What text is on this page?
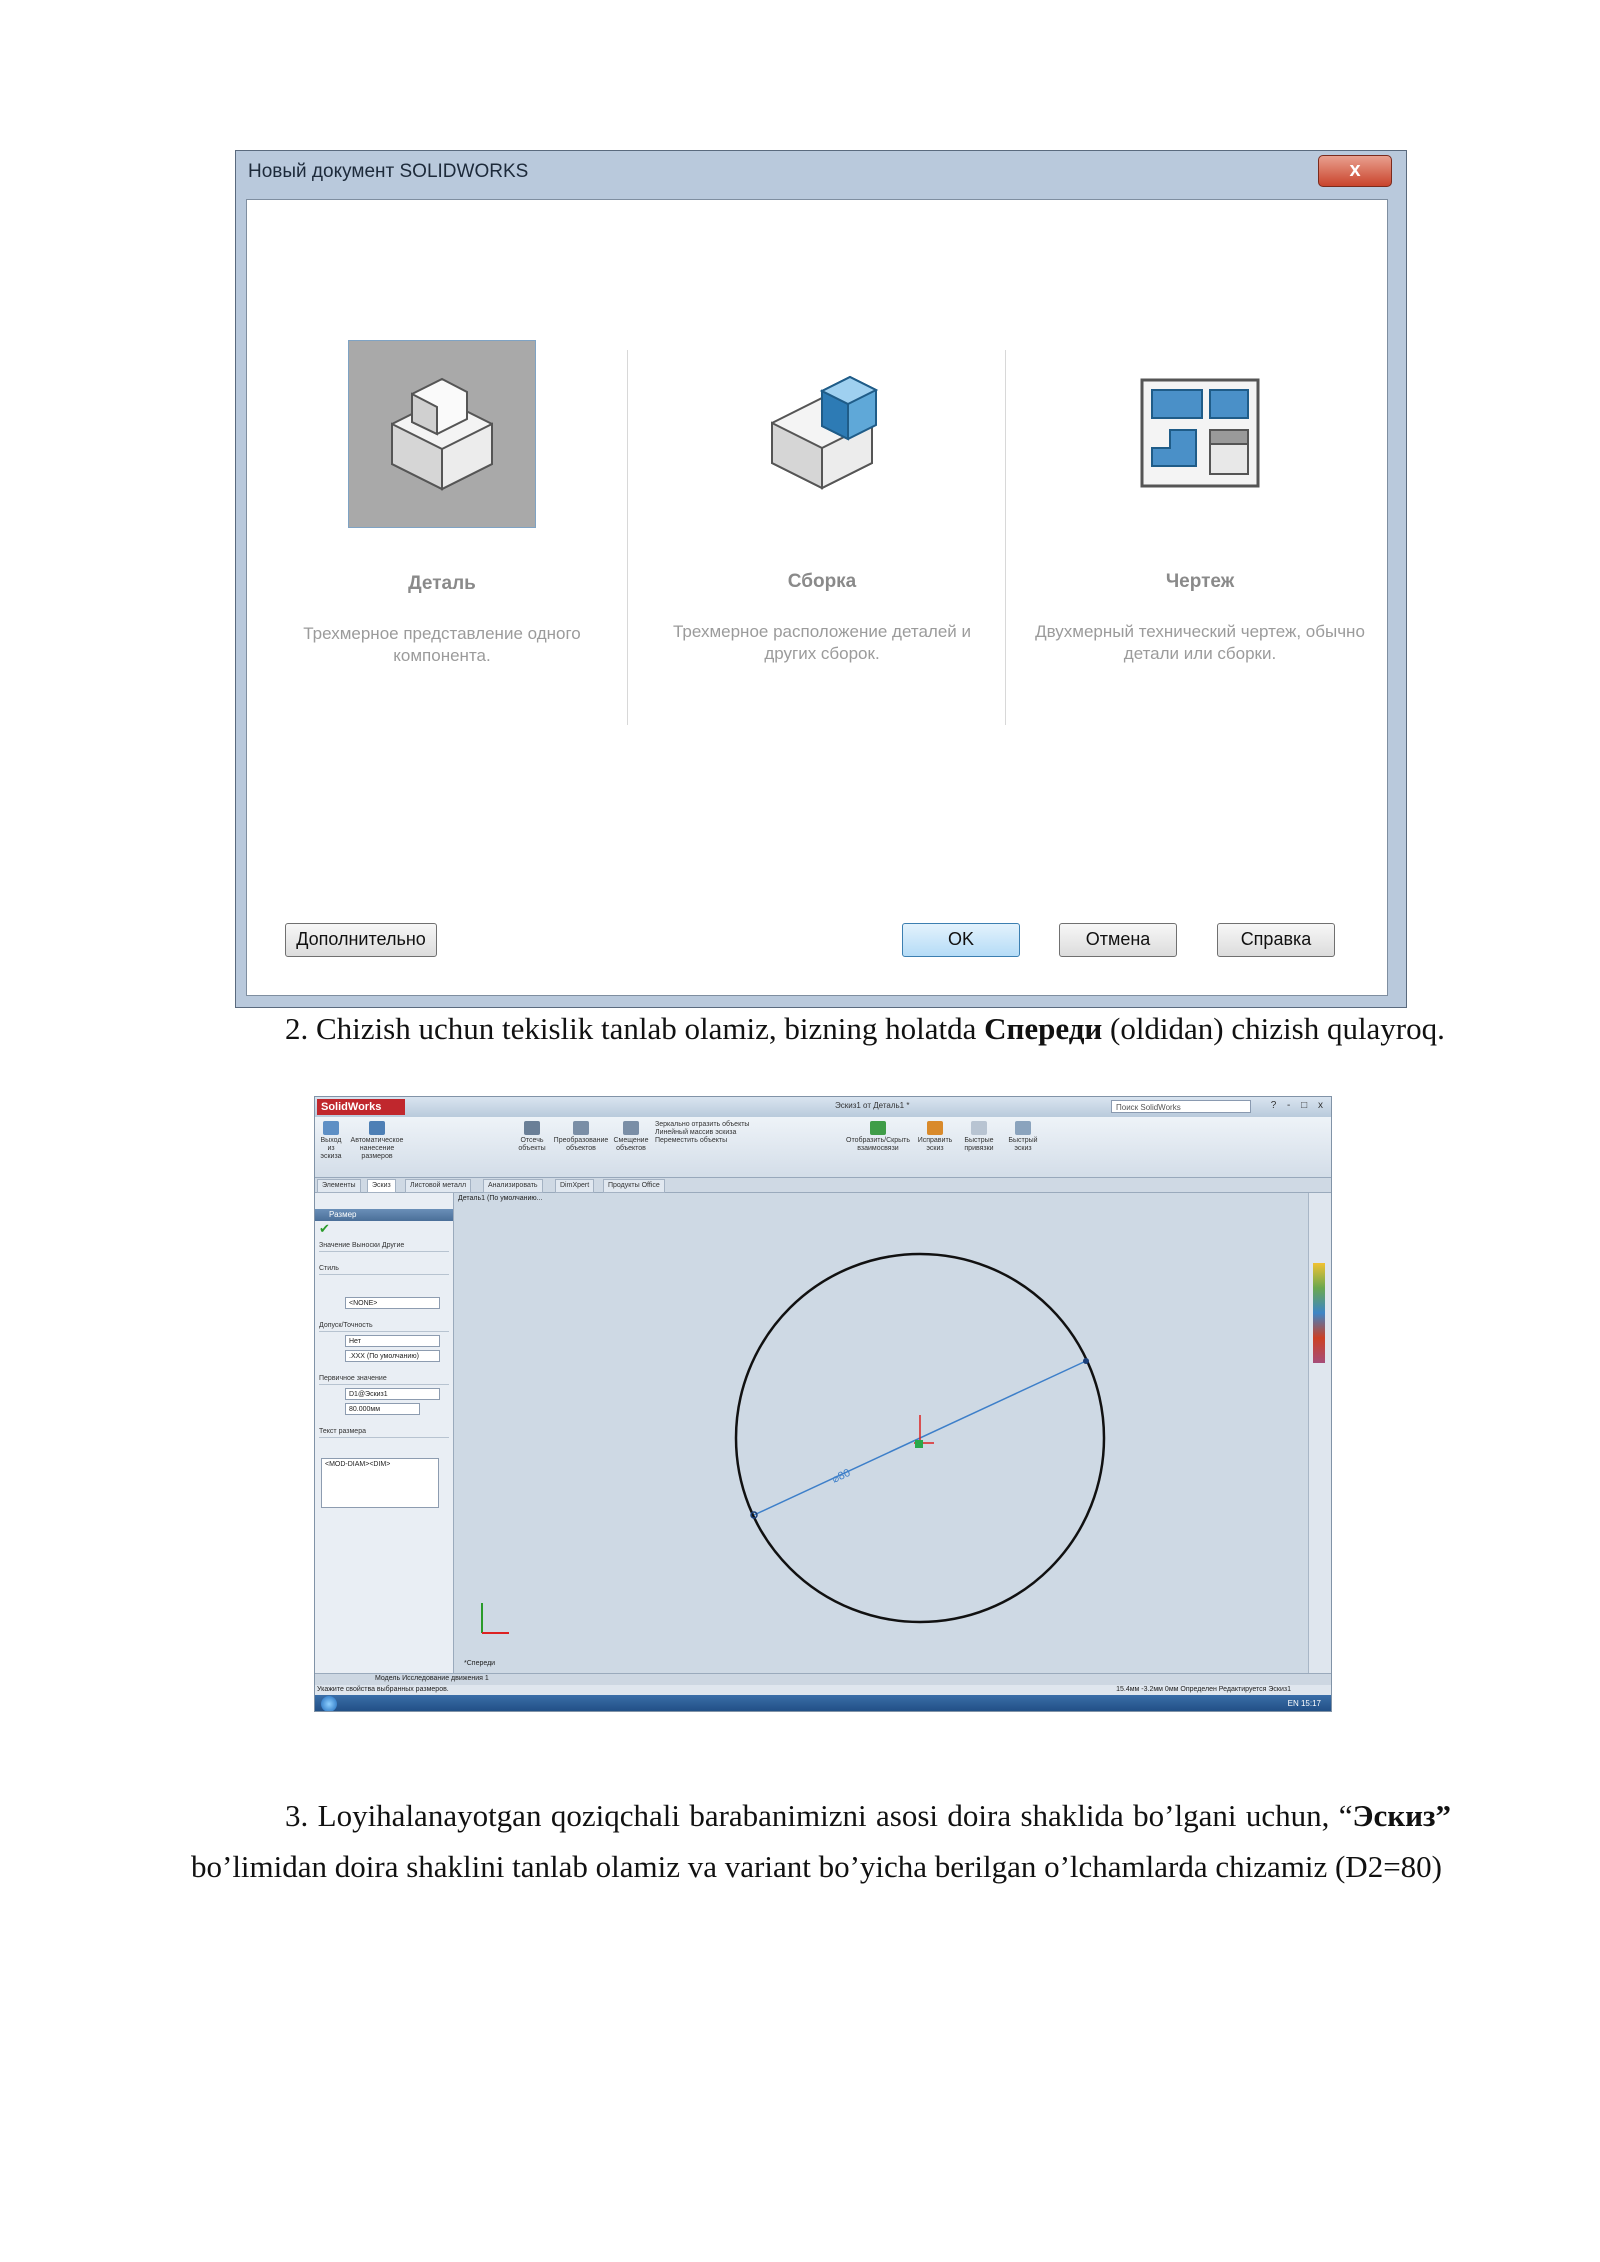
Новый документ SOLIDWORKS	x
Деталь
Трехмерное представление одного компонента.
Сборка
Трехмерное расположение деталей и других сборок.
Чертеж
Двухмерный технический чертеж, обычно детали или сборки.
Дополнительно	OK	Отмена	Справка

2. Chizish uchun tekislik tanlab olamiz, bizning holatda Спереди (oldidan) chizish qulayroq.

SolidWorks	Эскиз1 от Деталь1 *	Поиск SolidWorks	? - □ x
Выход из эскиза
Автоматическое нанесение размеров
Отсечь объекты
Преобразование объектов
Смещение объектов
Зеркально отразить объекты
Линейный массив эскиза
Переместить объекты	Отобразить/Скрыть взаимосвязи
Исправить эскиз
Быстрые привязки
Быстрый эскиз
Элементы	Эскиз	Листовой металл	Анализировать	DimXpert	Продукты Office
Размер
✔
Значение Выноски Другие
Стиль
<NONE>
Допуск/Точность
Нет
.XXX (По умолчанию)
Первичное значение
D1@Эскиз1
80.000мм
Текст размера
<MOD-DIAM><DIM>
Деталь1 (По умолчанию...
⌀80
*Спереди
Модель Исследование движения 1
Укажите свойства выбранных размеров.	15.4мм -3.2мм 0мм Определен Редактируется Эскиз1
EN 15:17

3. Loyihalanayotgan qoziqchali barabanimizni asosi doira shaklida bo’lgani uchun, “Эскиз” bo’limidan doira shaklini tanlab olamiz va variant bo’yicha berilgan o’lchamlarda chizamiz (D2=80)
